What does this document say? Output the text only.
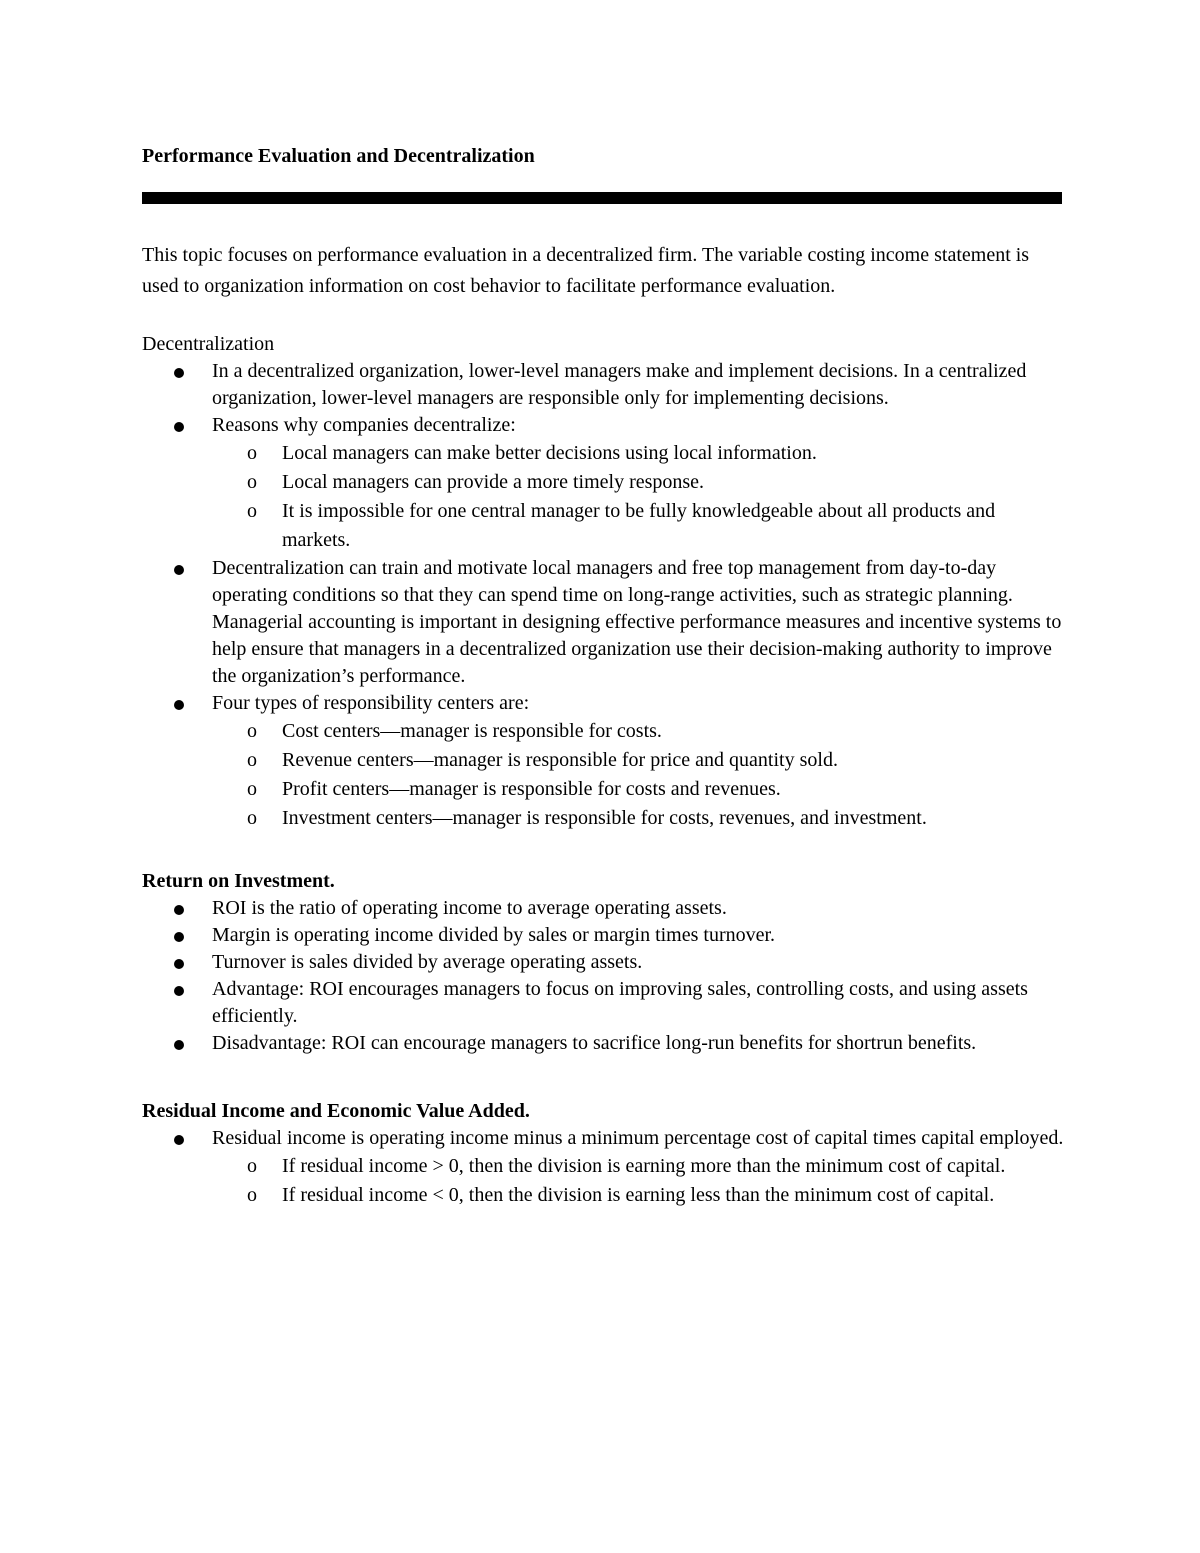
Performance Evaluation and Decentralization

This topic focuses on performance evaluation in a decentralized firm. The variable costing income statement is used to organization information on cost behavior to facilitate performance evaluation.

Decentralization

In a decentralized organization, lower-level managers make and implement decisions. In a centralized organization, lower-level managers are responsible only for implementing decisions.
Reasons why companies decentralize:
o Local managers can make better decisions using local information.
o Local managers can provide a more timely response.
o It is impossible for one central manager to be fully knowledgeable about all products and markets.
Decentralization can train and motivate local managers and free top management from day-to-day operating conditions so that they can spend time on long-range activities, such as strategic planning. Managerial accounting is important in designing effective performance measures and incentive systems to help ensure that managers in a decentralized organization use their decision-making authority to improve the organization’s performance.
Four types of responsibility centers are:
o Cost centers—manager is responsible for costs.
o Revenue centers—manager is responsible for price and quantity sold.
o Profit centers—manager is responsible for costs and revenues.
o Investment centers—manager is responsible for costs, revenues, and investment.

Return on Investment.

ROI is the ratio of operating income to average operating assets.
Margin is operating income divided by sales or margin times turnover.
Turnover is sales divided by average operating assets.
Advantage: ROI encourages managers to focus on improving sales, controlling costs, and using assets efficiently.
Disadvantage: ROI can encourage managers to sacrifice long-run benefits for shortrun benefits.

Residual Income and Economic Value Added.

Residual income is operating income minus a minimum percentage cost of capital times capital employed.
o If residual income > 0, then the division is earning more than the minimum cost of capital.
o If residual income < 0, then the division is earning less than the minimum cost of capital.
